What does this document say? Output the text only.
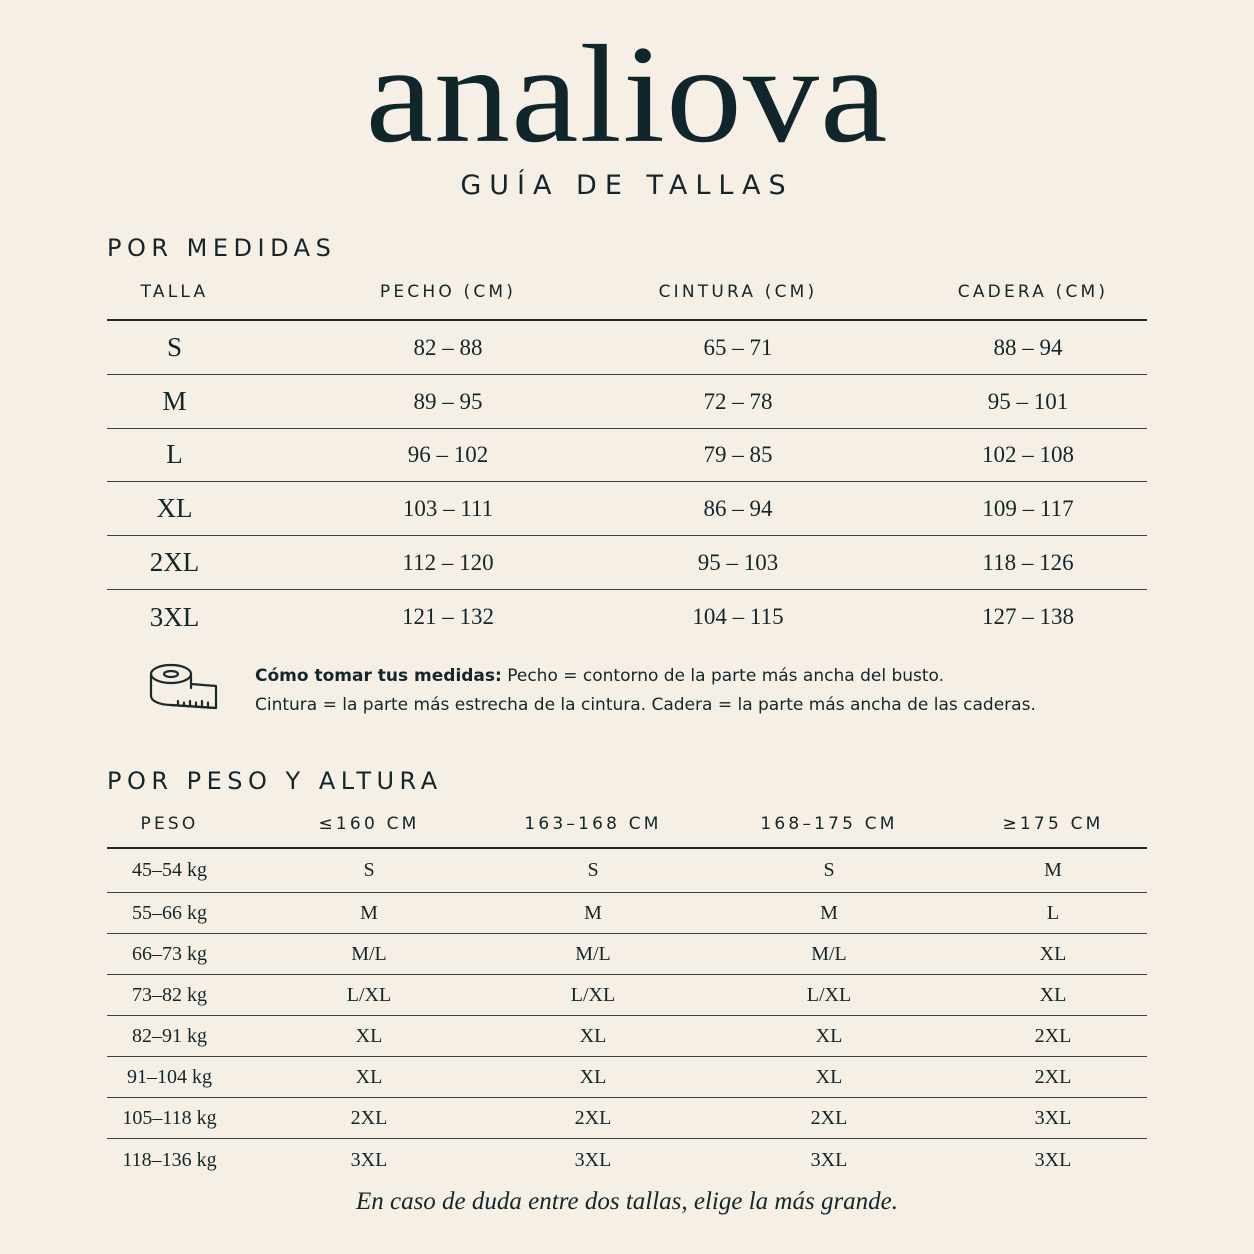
analiova
GUÍA DE TALLAS
POR MEDIDAS
TALLA	PECHO (CM)	CINTURA (CM)	CADERA (CM)
S	82 – 88	65 – 71	88 – 94
M	89 – 95	72 – 78	95 – 101
L	96 – 102	79 – 85	102 – 108
XL	103 – 111	86 – 94	109 – 117
2XL	112 – 120	95 – 103	118 – 126
3XL	121 – 132	104 – 115	127 – 138
Cómo tomar tus medidas: Pecho = contorno de la parte más ancha del busto.
Cintura = la parte más estrecha de la cintura. Cadera = la parte más ancha de las caderas.
POR PESO Y ALTURA
PESO	≤160 CM	163–168 CM	168–175 CM	≥175 CM
45–54 kg	S	S	S	M
55–66 kg	M	M	M	L
66–73 kg	M/L	M/L	M/L	XL
73–82 kg	L/XL	L/XL	L/XL	XL
82–91 kg	XL	XL	XL	2XL
91–104 kg	XL	XL	XL	2XL
105–118 kg	2XL	2XL	2XL	3XL
118–136 kg	3XL	3XL	3XL	3XL
En caso de duda entre dos tallas, elige la más grande.
